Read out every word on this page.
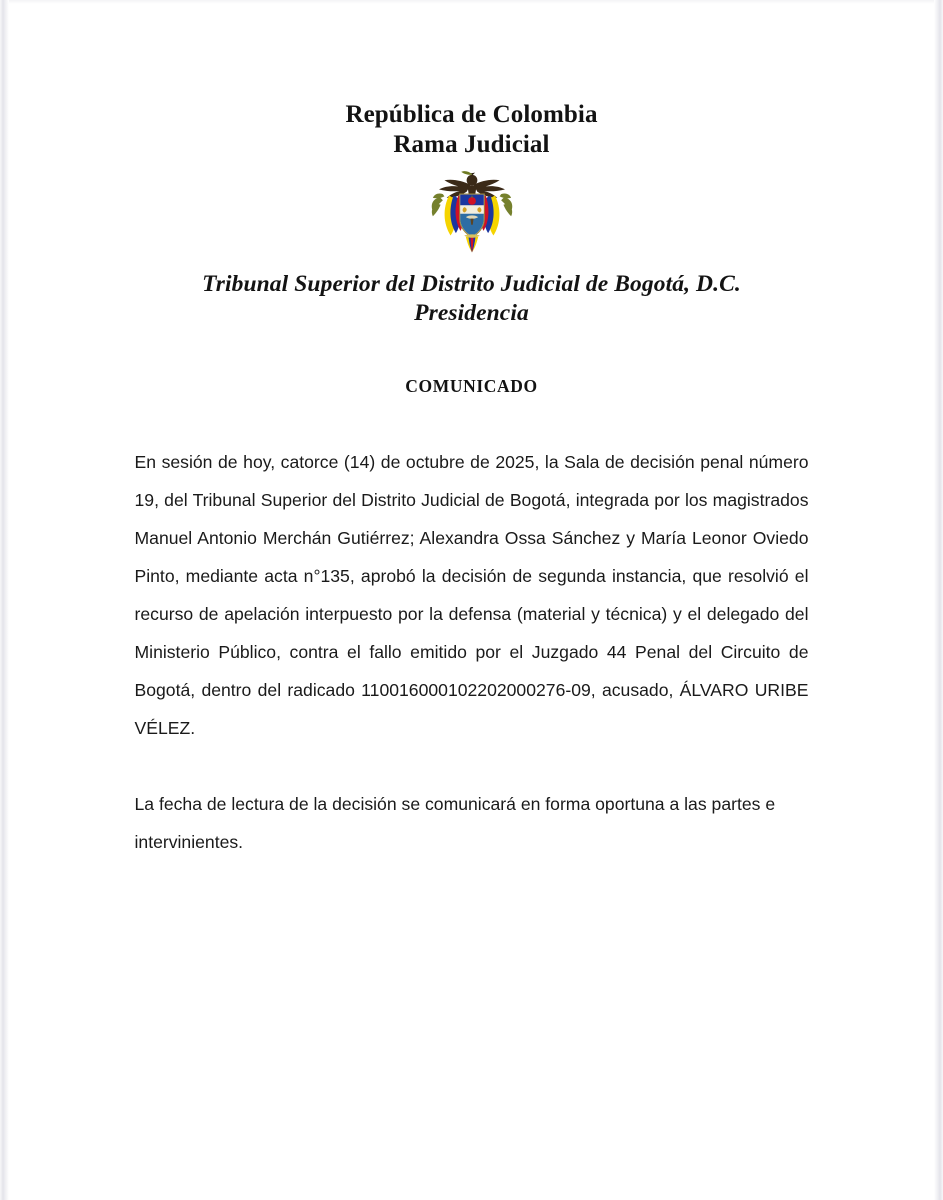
República de Colombia
Rama Judicial
Tribunal Superior del Distrito Judicial de Bogotá, D.C.
Presidencia
COMUNICADO

En sesión de hoy, catorce (14) de octubre de 2025, la Sala de decisión penal número 19, del Tribunal Superior del Distrito Judicial de Bogotá, integrada por los magistrados Manuel Antonio Merchán Gutiérrez; Alexandra Ossa Sánchez y María Leonor Oviedo Pinto, mediante acta n°135, aprobó la decisión de segunda instancia, que resolvió el recurso de apelación interpuesto por la defensa (material y técnica) y el delegado del Ministerio Público, contra el fallo emitido por el Juzgado 44 Penal del Circuito de Bogotá, dentro del radicado 110016000102202000276-09, acusado, ÁLVARO URIBE VÉLEZ.

La fecha de lectura de la decisión se comunicará en forma oportuna a las partes e intervinientes.
